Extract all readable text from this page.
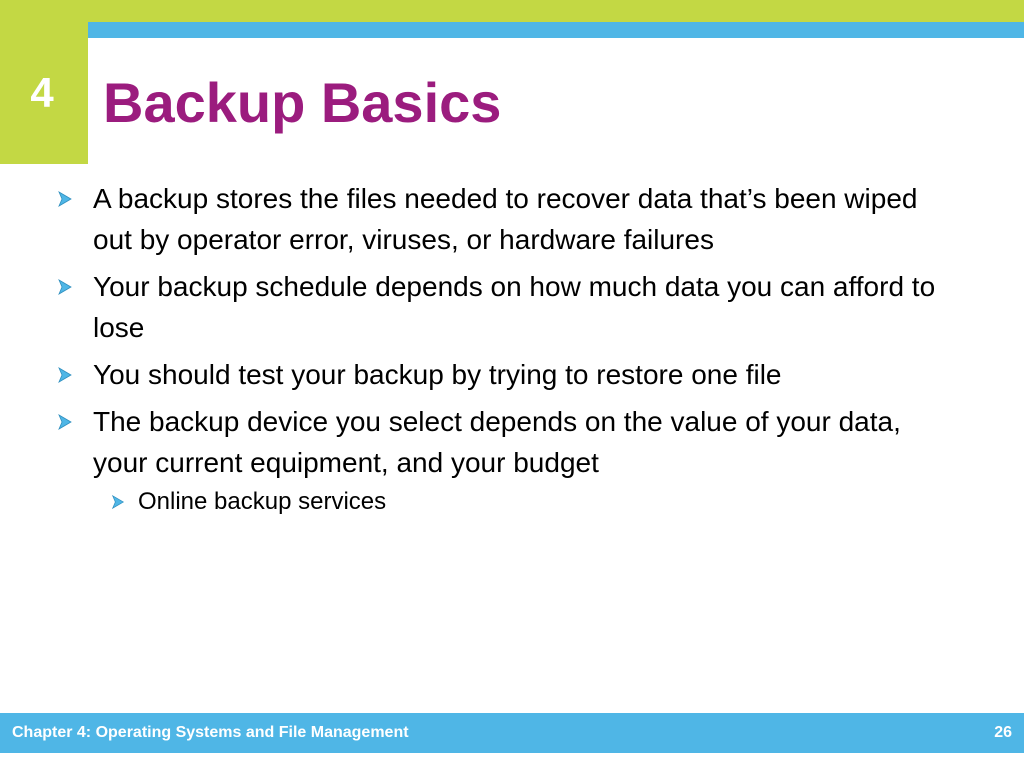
4 Backup Basics
A backup stores the files needed to recover data that’s been wiped out by operator error, viruses, or hardware failures
Your backup schedule depends on how much data you can afford to lose
You should test your backup by trying to restore one file
The backup device you select depends on the value of your data, your current equipment, and your budget
Online backup services
Chapter 4: Operating Systems and File Management	26
